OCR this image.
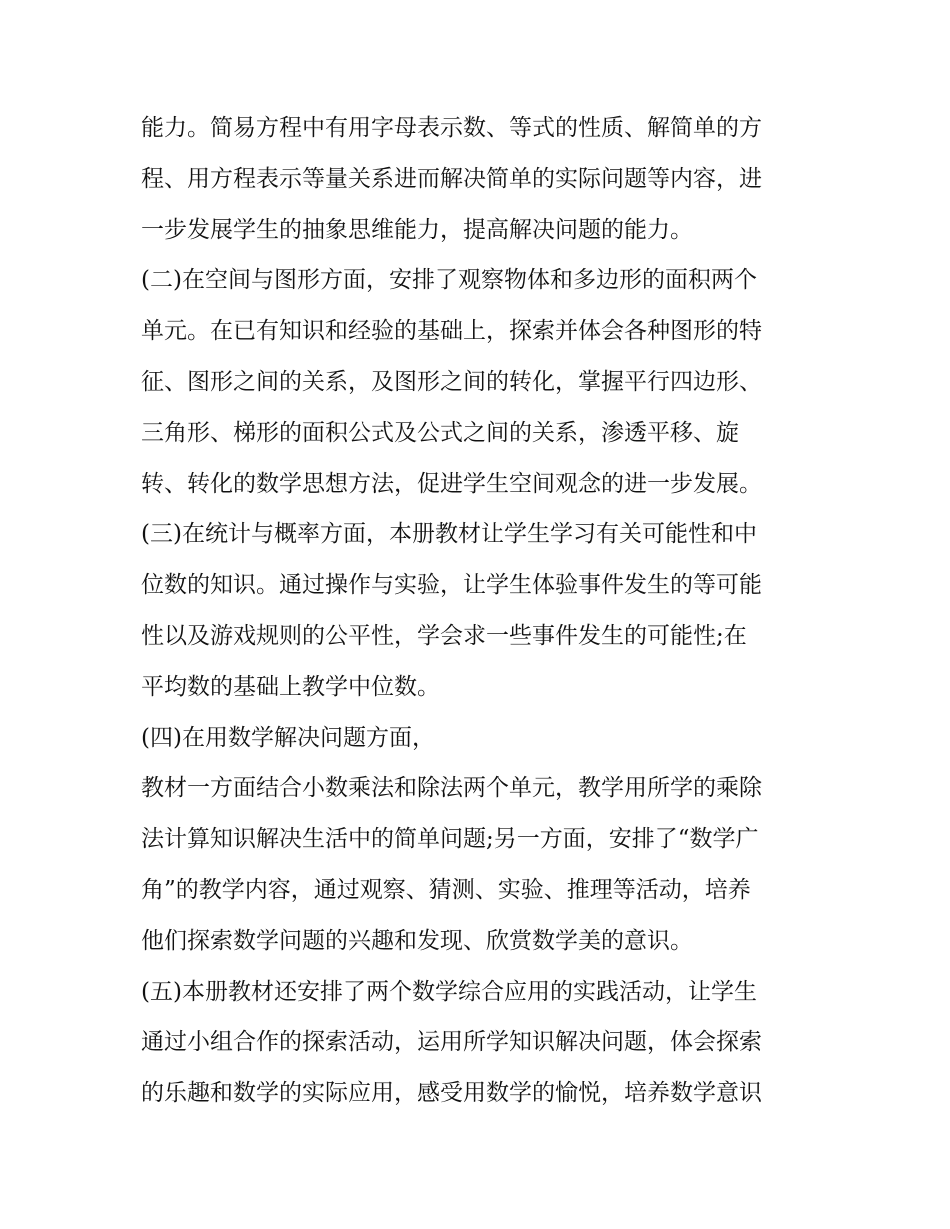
能力。简易方程中有用字母表示数、等式的性质、解简单的方
程、用方程表示等量关系进而解决简单的实际问题等内容，进
一步发展学生的抽象思维能力，提高解决问题的能力。
(二)在空间与图形方面，安排了观察物体和多边形的面积两个
单元。在已有知识和经验的基础上，探索并体会各种图形的特
征、图形之间的关系，及图形之间的转化，掌握平行四边形、
三角形、梯形的面积公式及公式之间的关系，渗透平移、旋
转、转化的数学思想方法，促进学生空间观念的进一步发展。
(三)在统计与概率方面，本册教材让学生学习有关可能性和中
位数的知识。通过操作与实验，让学生体验事件发生的等可能
性以及游戏规则的公平性，学会求一些事件发生的可能性;在
平均数的基础上教学中位数。
(四)在用数学解决问题方面，
教材一方面结合小数乘法和除法两个单元，教学用所学的乘除
法计算知识解决生活中的简单问题;另一方面，安排了“数学广
角”的教学内容，通过观察、猜测、实验、推理等活动，培养
他们探索数学问题的兴趣和发现、欣赏数学美的意识。
(五)本册教材还安排了两个数学综合应用的实践活动，让学生
通过小组合作的探索活动，运用所学知识解决问题，体会探索
的乐趣和数学的实际应用，感受用数学的愉悦，培养数学意识
